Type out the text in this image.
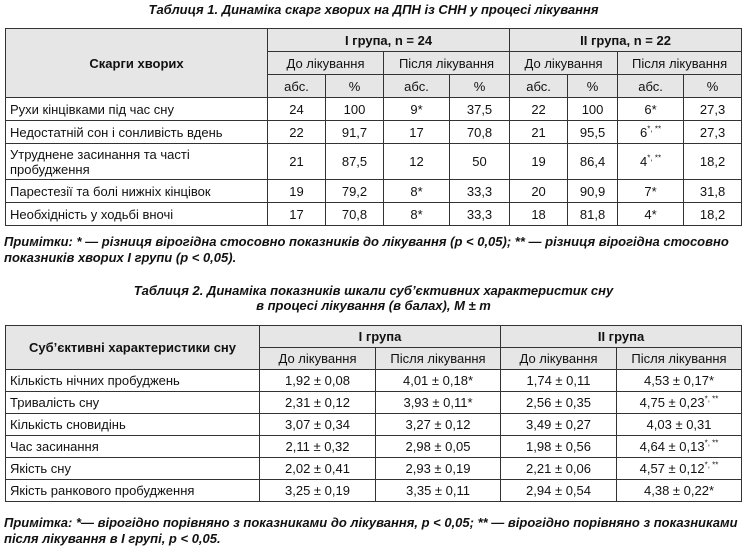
Таблиця 1. Динаміка скарг хворих на ДПН із СНН у процесі лікування
Скарги хворих	I група, n = 24				II група, n = 22			
	До лікування		Після лікування		До лікування		Після лікування	
	абс.	%	абс.	%	абс.	%	абс.	%
Рухи кінцівками під час сну	24	100	9*	37,5	22	100	6*	27,3
Недостатній сон і сонливість вдень	22	91,7	17	70,8	21	95,5	6*, **	27,3
Утруднене засинання та часті пробудження	21	87,5	12	50	19	86,4	4*, **	18,2
Парестезії та болі нижніх кінцівок	19	79,2	8*	33,3	20	90,9	7*	31,8
Необхідність у ходьбі вночі	17	70,8	8*	33,3	18	81,8	4*	18,2
Примітки: * — різниця вірогідна стосовно показників до лікування (p < 0,05); ** — різниця вірогідна стосовно показників хворих I групи (p < 0,05).
Таблиця 2. Динаміка показників шкали суб’єктивних характеристик сну
в процесі лікування (в балах), M ± m
Суб’єктивні характеристики сну	I група		II група	
	До лікування	Після лікування	До лікування	Після лікування
Кількість нічних пробуджень	1,92 ± 0,08	4,01 ± 0,18*	1,74 ± 0,11	4,53 ± 0,17*
Тривалість сну	2,31 ± 0,12	3,93 ± 0,11*	2,56 ± 0,35	4,75 ± 0,23*, **
Кількість сновидінь	3,07 ± 0,34	3,27 ± 0,12	3,49 ± 0,27	4,03 ± 0,31
Час засинання	2,11 ± 0,32	2,98 ± 0,05	1,98 ± 0,56	4,64 ± 0,13*, **
Якість сну	2,02 ± 0,41	2,93 ± 0,19	2,21 ± 0,06	4,57 ± 0,12*, **
Якість ранкового пробудження	3,25 ± 0,19	3,35 ± 0,11	2,94 ± 0,54	4,38 ± 0,22*
Примітка: *— вірогідно порівняно з показниками до лікування, p < 0,05; ** — вірогідно порівняно з показниками після лікування в I групі, p < 0,05.
